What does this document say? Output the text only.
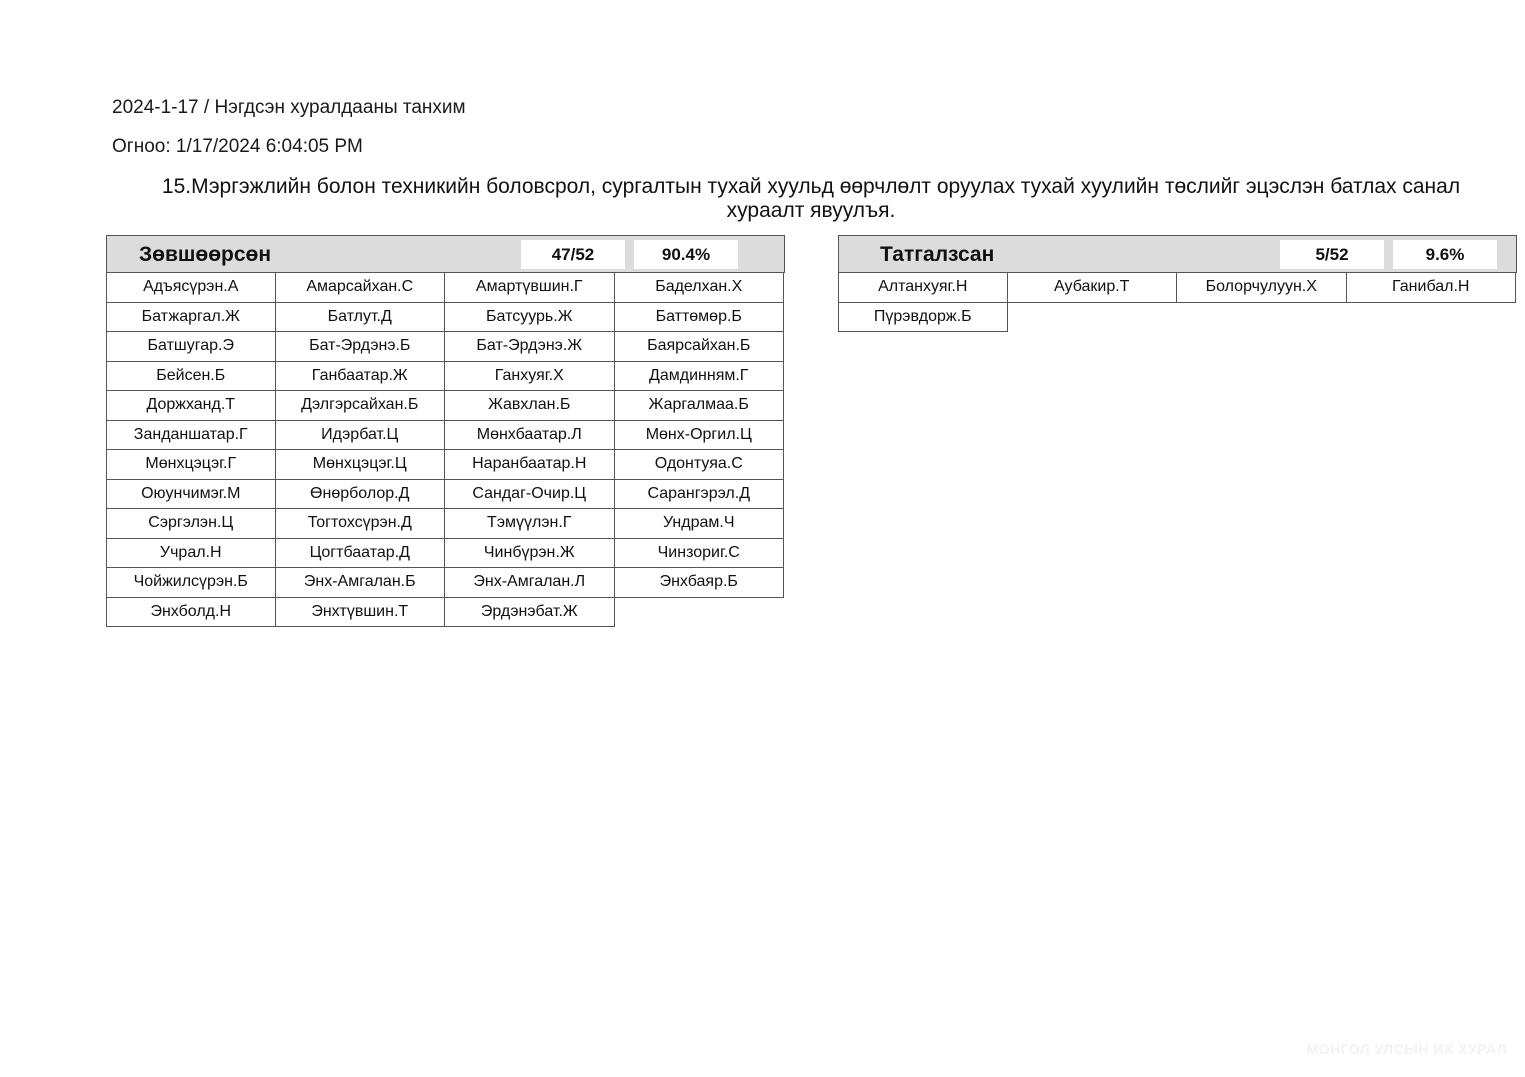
2024-1-17 / Нэгдсэн хуралдааны танхим
Огноо: 1/17/2024 6:04:05 PM
15.Мэргэжлийн болон техникийн боловсрол, сургалтын тухай хуульд өөрчлөлт оруулах тухай хуулийн төслийг эцэслэн батлах санал хураалт явуулъя.
Зөвшөөрсөн	47/52	90.4%
Адъясүрэн.А	Амарсайхан.С	Амартүвшин.Г	Баделхан.Х
Батжаргал.Ж	Батлут.Д	Батсуурь.Ж	Баттөмөр.Б
Батшугар.Э	Бат-Эрдэнэ.Б	Бат-Эрдэнэ.Ж	Баярсайхан.Б
Бейсен.Б	Ганбаатар.Ж	Ганхуяг.Х	Дамдинням.Г
Доржханд.Т	Дэлгэрсайхан.Б	Жавхлан.Б	Жаргалмаа.Б
Занданшатар.Г	Идэрбат.Ц	Мөнхбаатар.Л	Мөнх-Оргил.Ц
Мөнхцэцэг.Г	Мөнхцэцэг.Ц	Наранбаатар.Н	Одонтуяа.С
Оюунчимэг.М	Өнөрболор.Д	Сандаг-Очир.Ц	Сарангэрэл.Д
Сэргэлэн.Ц	Тогтохсүрэн.Д	Тэмүүлэн.Г	Ундрам.Ч
Учрал.Н	Цогтбаатар.Д	Чинбүрэн.Ж	Чинзориг.С
Чойжилсүрэн.Б	Энх-Амгалан.Б	Энх-Амгалан.Л	Энхбаяр.Б
Энхболд.Н	Энхтүвшин.Т	Эрдэнэбат.Ж
Татгалзсан	5/52	9.6%
Алтанхуяг.Н	Аубакир.Т	Болорчулуун.Х	Ганибал.Н
Пүрэвдорж.Б
МОНГОЛ УЛСЫН ИХ ХУРАЛ
